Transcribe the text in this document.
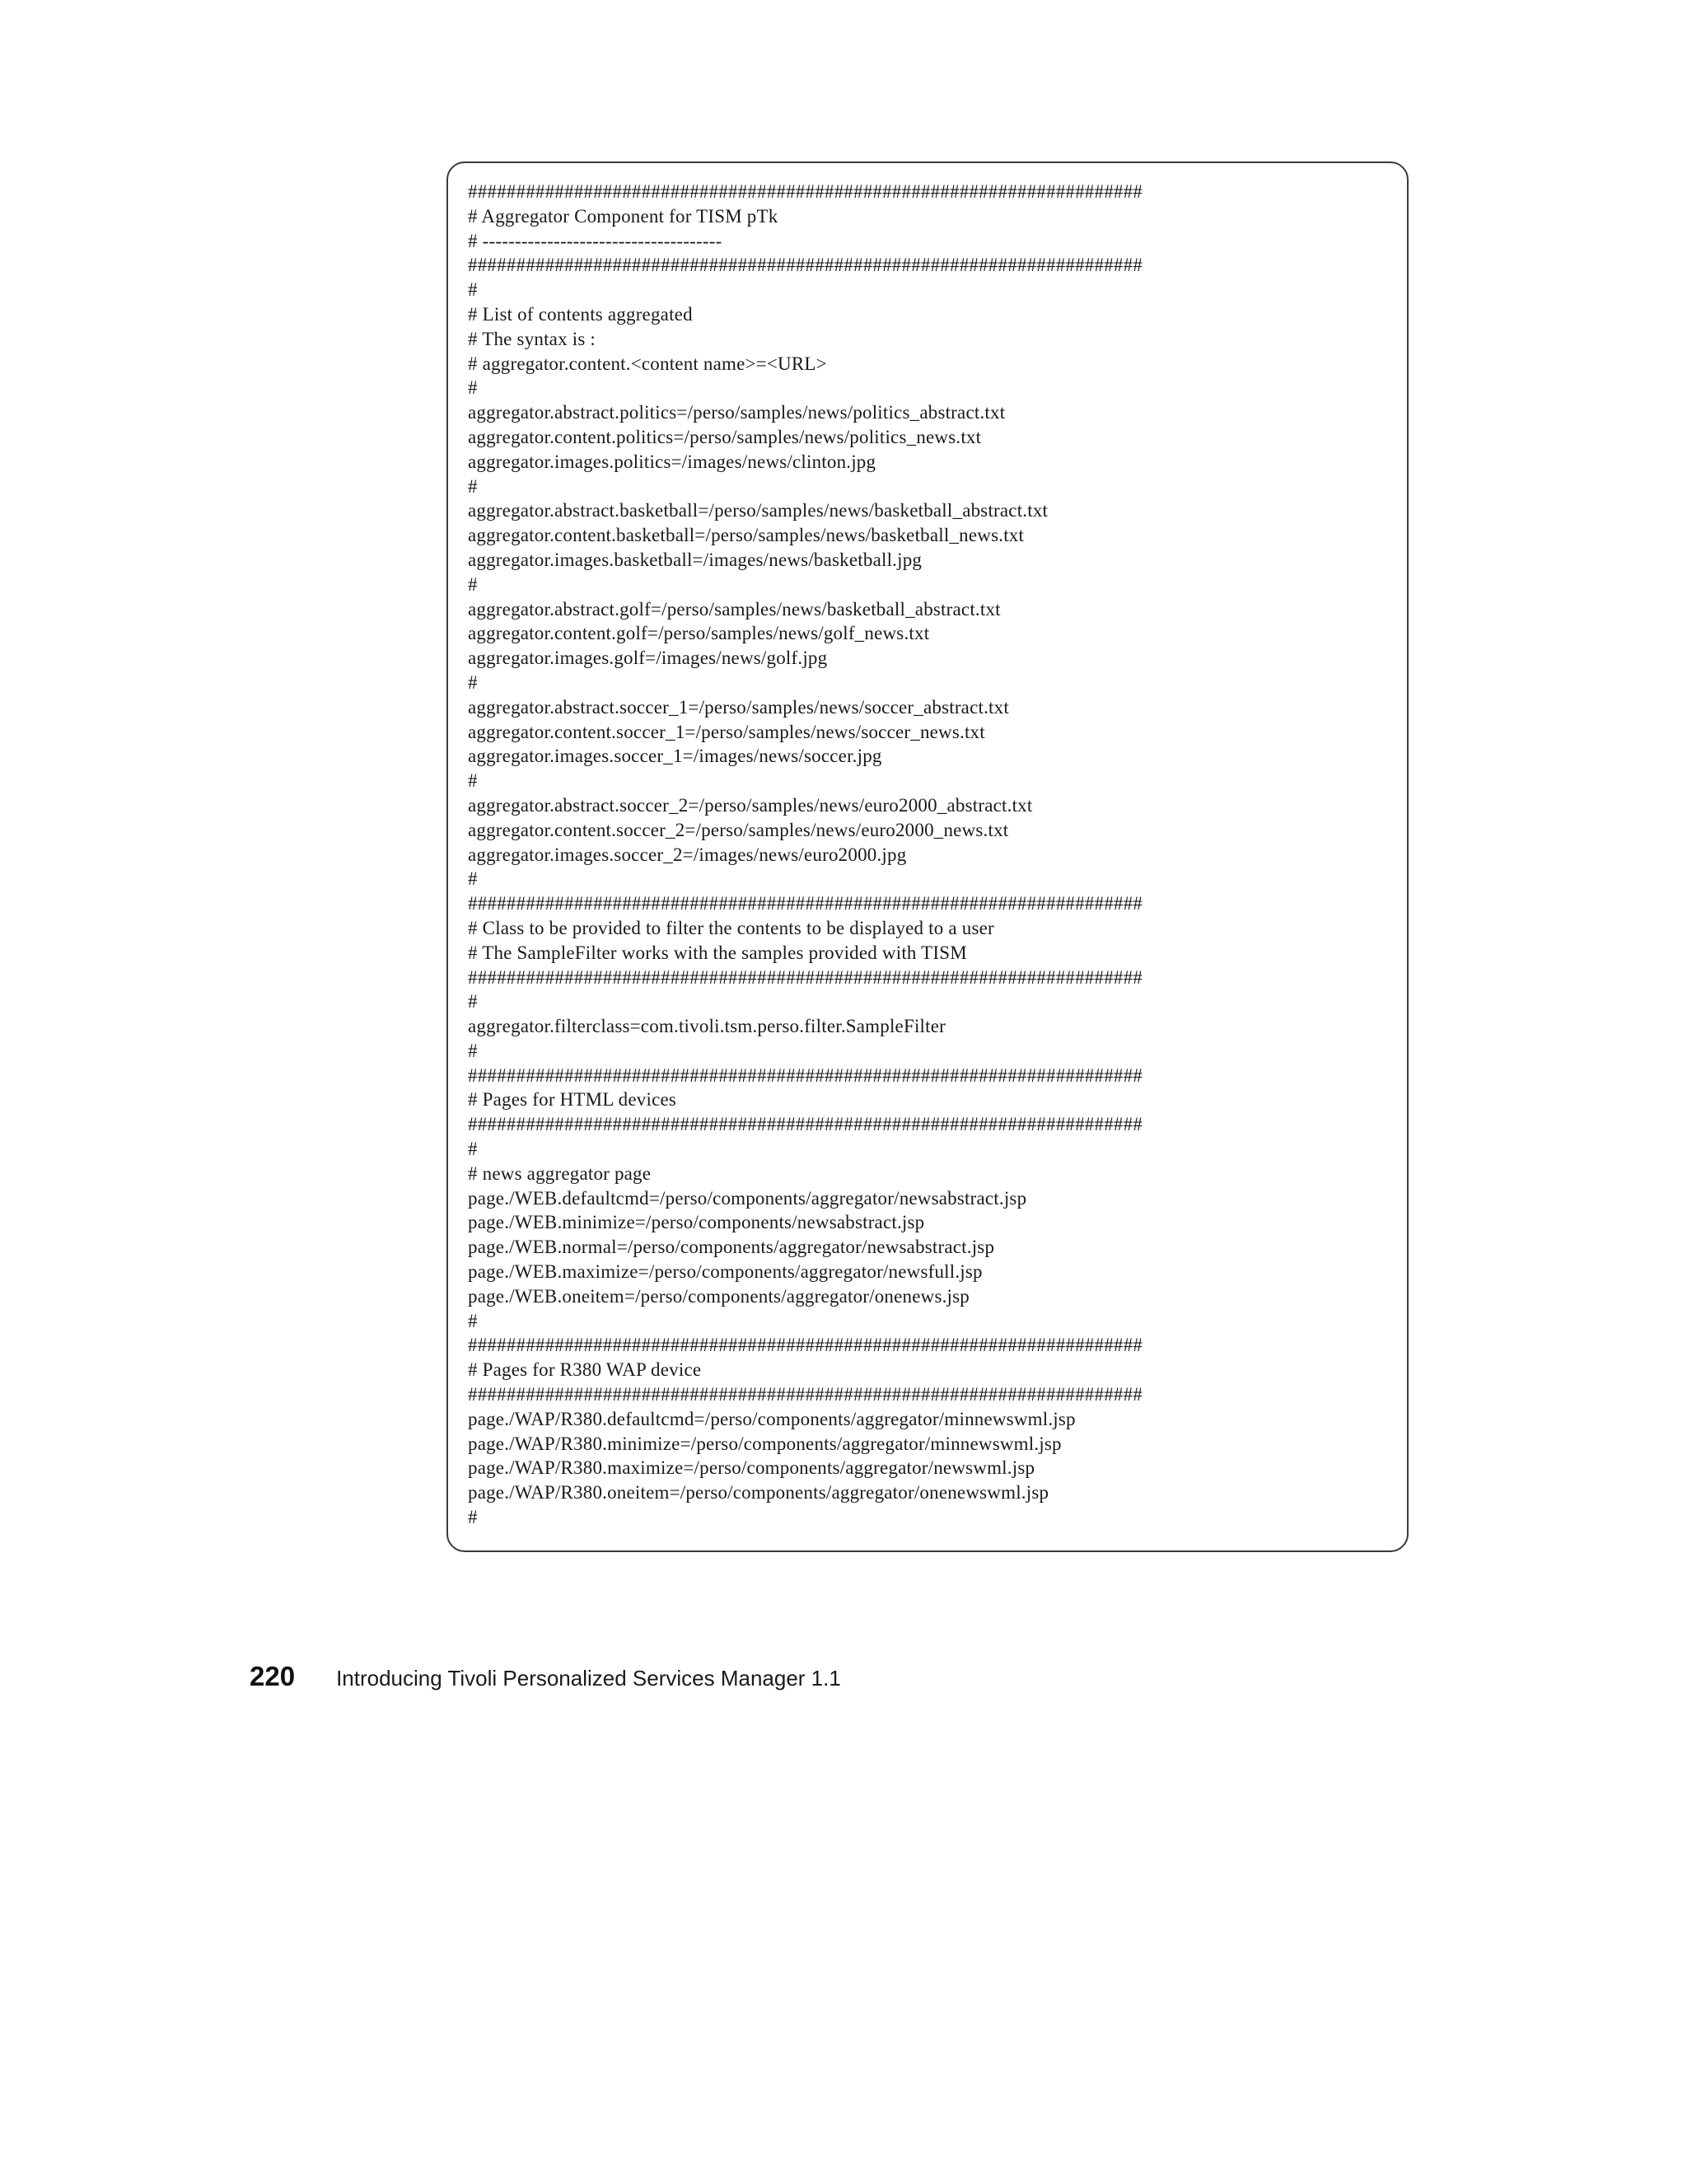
######################################################################
# Aggregator Component for TISM pTk
# -------------------------------------
######################################################################
#
# List of contents aggregated
# The syntax is :
# aggregator.content.<content name>=<URL>
#
aggregator.abstract.politics=/perso/samples/news/politics_abstract.txt
aggregator.content.politics=/perso/samples/news/politics_news.txt
aggregator.images.politics=/images/news/clinton.jpg
#
aggregator.abstract.basketball=/perso/samples/news/basketball_abstract.txt
aggregator.content.basketball=/perso/samples/news/basketball_news.txt
aggregator.images.basketball=/images/news/basketball.jpg
#
aggregator.abstract.golf=/perso/samples/news/basketball_abstract.txt
aggregator.content.golf=/perso/samples/news/golf_news.txt
aggregator.images.golf=/images/news/golf.jpg
#
aggregator.abstract.soccer_1=/perso/samples/news/soccer_abstract.txt
aggregator.content.soccer_1=/perso/samples/news/soccer_news.txt
aggregator.images.soccer_1=/images/news/soccer.jpg
#
aggregator.abstract.soccer_2=/perso/samples/news/euro2000_abstract.txt
aggregator.content.soccer_2=/perso/samples/news/euro2000_news.txt
aggregator.images.soccer_2=/images/news/euro2000.jpg
#
######################################################################
# Class to be provided to filter the contents to be displayed to a user
# The SampleFilter works with the samples provided with TISM
######################################################################
#
aggregator.filterclass=com.tivoli.tsm.perso.filter.SampleFilter
#
######################################################################
# Pages for HTML devices
######################################################################
#
# news aggregator page
page./WEB.defaultcmd=/perso/components/aggregator/newsabstract.jsp
page./WEB.minimize=/perso/components/newsabstract.jsp
page./WEB.normal=/perso/components/aggregator/newsabstract.jsp
page./WEB.maximize=/perso/components/aggregator/newsfull.jsp
page./WEB.oneitem=/perso/components/aggregator/onenews.jsp
#
######################################################################
# Pages for R380 WAP device
######################################################################
page./WAP/R380.defaultcmd=/perso/components/aggregator/minnewswml.jsp
page./WAP/R380.minimize=/perso/components/aggregator/minnewswml.jsp
page./WAP/R380.maximize=/perso/components/aggregator/newswml.jsp
page./WAP/R380.oneitem=/perso/components/aggregator/onenewswml.jsp
#
220 Introducing Tivoli Personalized Services Manager 1.1
